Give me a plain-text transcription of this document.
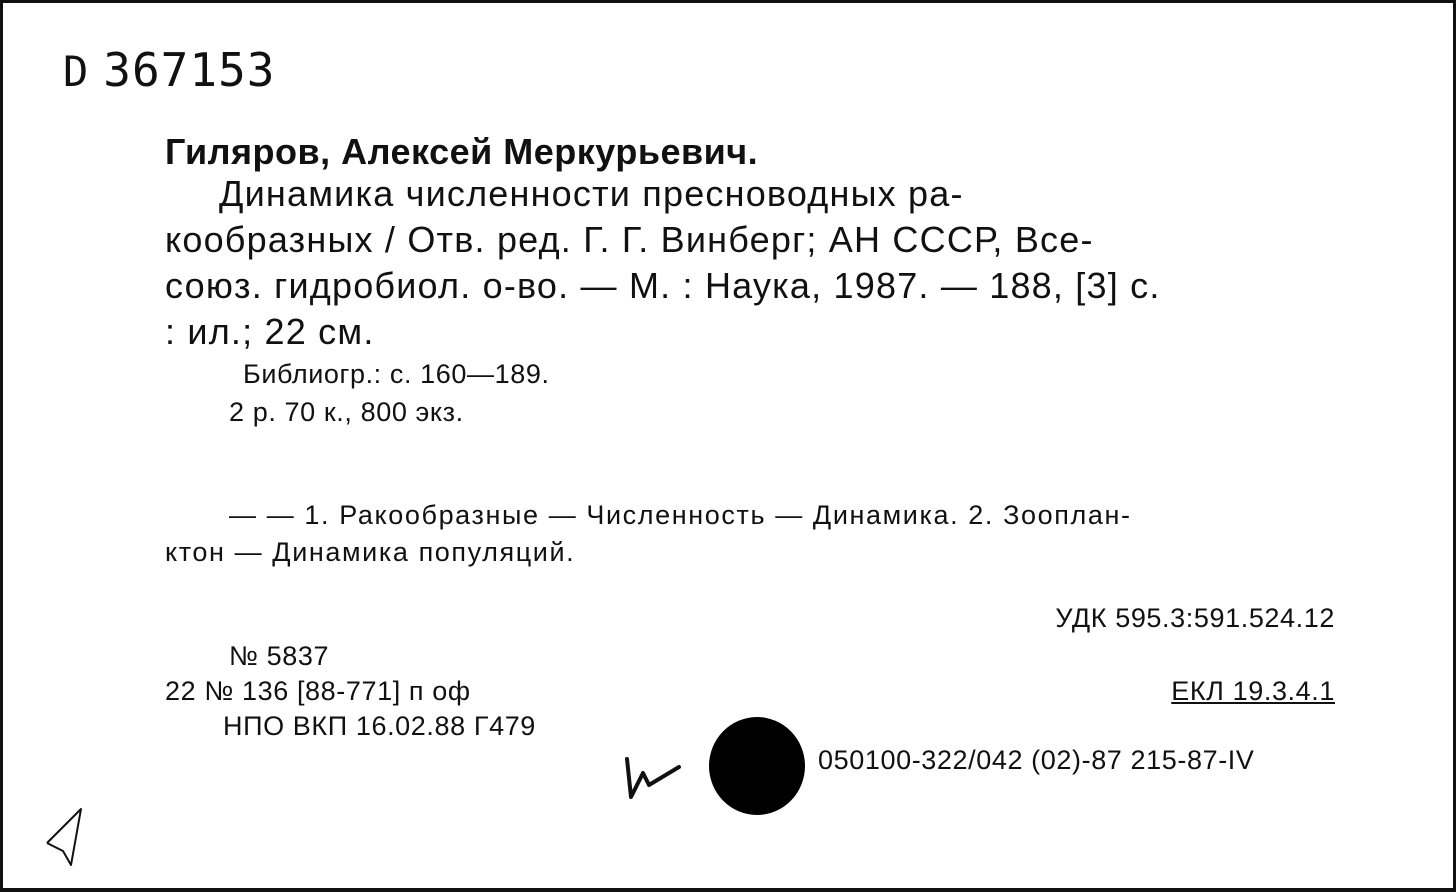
D 367153
Гиляров, Алексей Меркурьевич.
Динамика численности пресноводных ра-
кообразных / Отв. ред. Г. Г. Винберг; АН СССР, Все-
союз. гидробиол. о-во. — М. : Наука, 1987. — 188, [3] с.
: ил.; 22 см.
Библиогр.: с. 160—189.
2 р. 70 к., 800 экз.
— — 1. Ракообразные — Численность — Динамика. 2. Зооплан-
ктон — Динамика популяций.
УДК 595.3:591.524.12
ЕКЛ 19.3.4.1
№ 5837
22 № 136 [88-771] п оф
НПО ВКП 16.02.88 Г479
050100-322/042 (02)-87 215-87-IV
